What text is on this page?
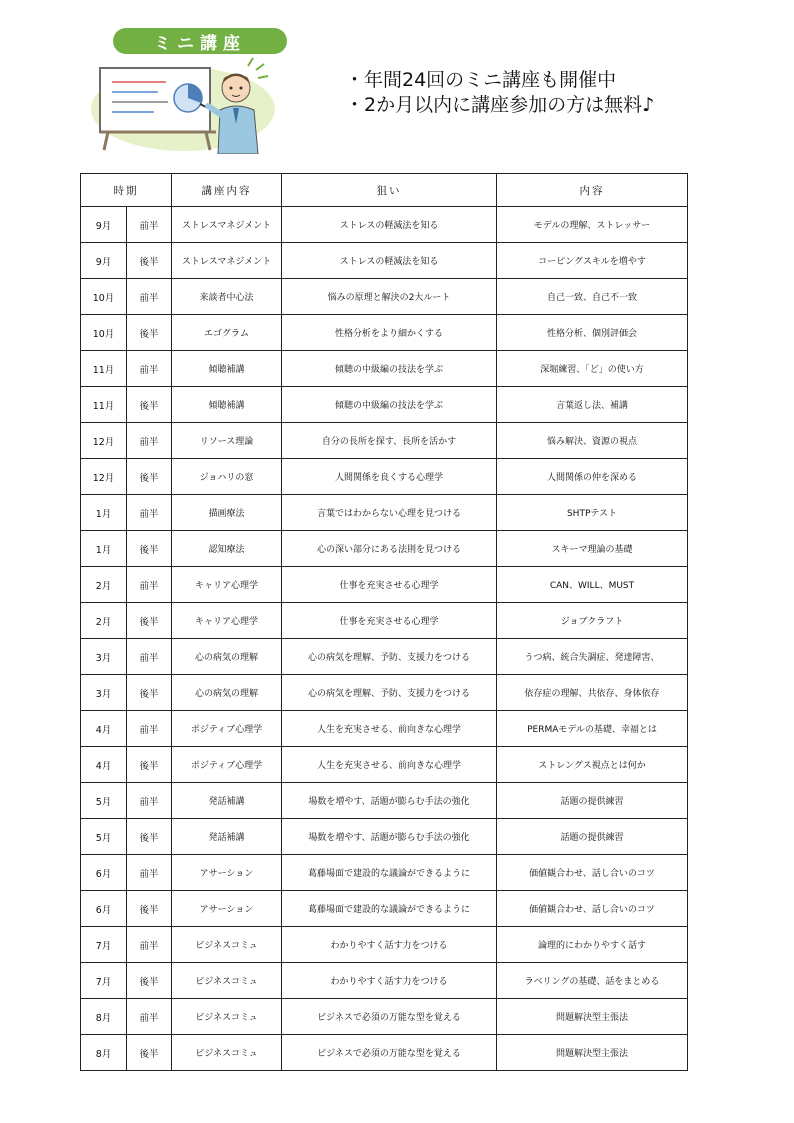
ミニ講座
・年間24回のミニ講座も開催中
・2か月以内に講座参加の方は無料♪
時期		講座内容	狙い	内容
9月	前半	ストレスマネジメント	ストレスの軽減法を知る	モデルの理解、ストレッサー
9月	後半	ストレスマネジメント	ストレスの軽減法を知る	コーピングスキルを増やす
10月	前半	来談者中心法	悩みの原理と解決の2大ルート	自己一致、自己不一致
10月	後半	エゴグラム	性格分析をより細かくする	性格分析、個別評価会
11月	前半	傾聴補講	傾聴の中級編の技法を学ぶ	深堀練習、「ど」の使い方
11月	後半	傾聴補講	傾聴の中級編の技法を学ぶ	言葉返し法、補講
12月	前半	リソース理論	自分の長所を探す、長所を活かす	悩み解決、資源の視点
12月	後半	ジョハリの窓	人間関係を良くする心理学	人間関係の仲を深める
1月	前半	描画療法	言葉ではわからない心理を見つける	SHTPテスト
1月	後半	認知療法	心の深い部分にある法則を見つける	スキーマ理論の基礎
2月	前半	キャリア心理学	仕事を充実させる心理学	CAN、WILL、MUST
2月	後半	キャリア心理学	仕事を充実させる心理学	ジョブクラフト
3月	前半	心の病気の理解	心の病気を理解、予防、支援力をつける	うつ病、統合失調症、発達障害、
3月	後半	心の病気の理解	心の病気を理解、予防、支援力をつける	依存症の理解、共依存、身体依存
4月	前半	ポジティブ心理学	人生を充実させる、前向きな心理学	PERMAモデルの基礎、幸福とは
4月	後半	ポジティブ心理学	人生を充実させる、前向きな心理学	ストレングス視点とは何か
5月	前半	発話補講	場数を増やす、話題が膨らむ手法の強化	話題の提供練習
5月	後半	発話補講	場数を増やす、話題が膨らむ手法の強化	話題の提供練習
6月	前半	アサーション	葛藤場面で建設的な議論ができるように	価値観合わせ、話し合いのコツ
6月	後半	アサーション	葛藤場面で建設的な議論ができるように	価値観合わせ、話し合いのコツ
7月	前半	ビジネスコミュ	わかりやすく話す力をつける	論理的にわかりやすく話す
7月	後半	ビジネスコミュ	わかりやすく話す力をつける	ラベリングの基礎、話をまとめる
8月	前半	ビジネスコミュ	ビジネスで必須の万能な型を覚える	問題解決型主張法
8月	後半	ビジネスコミュ	ビジネスで必須の万能な型を覚える	問題解決型主張法
